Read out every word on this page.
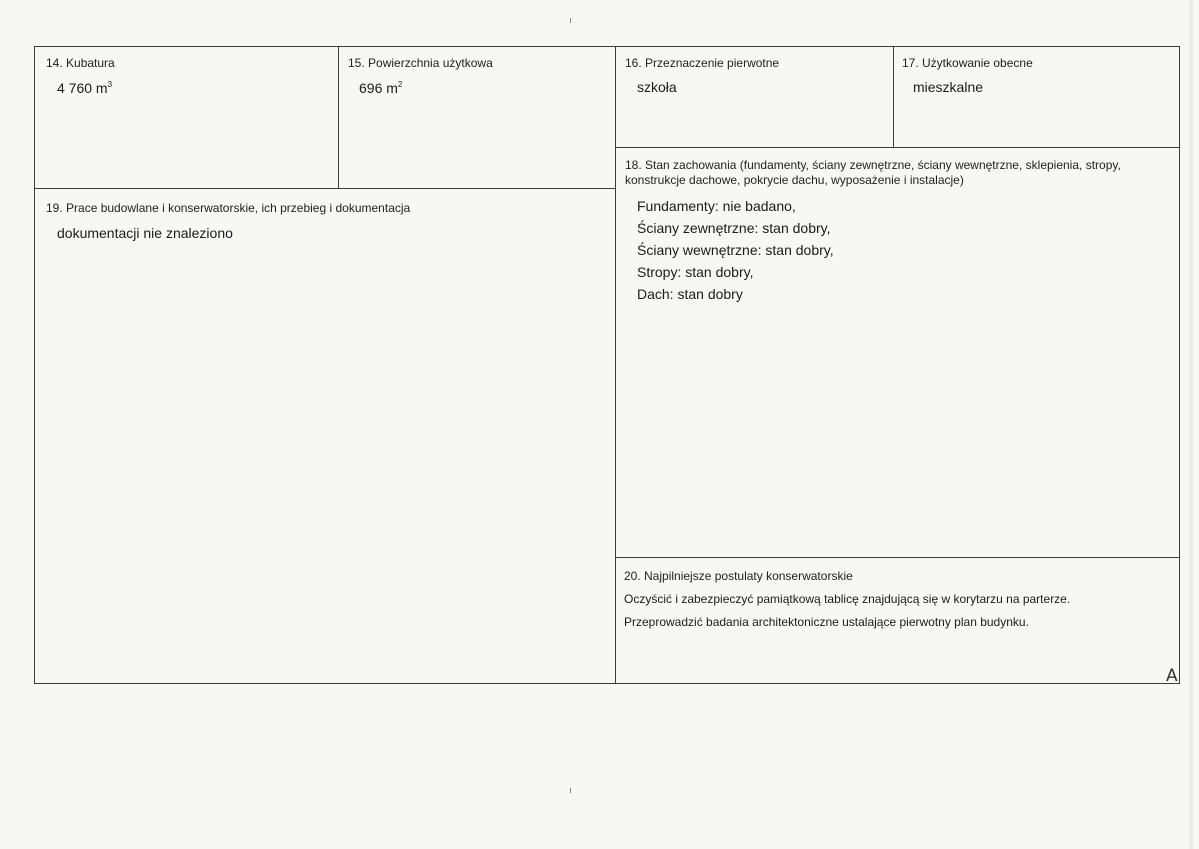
14. Kubatura
4 760 $m^3$
15. Powierzchnia użytkowa
696 $m^2$
16. Przeznaczenie pierwotne
szkoła
17. Użytkowanie obecne
mieszkalne
18. Stan zachowania (fundamenty, ściany zewnętrzne, ściany wewnętrzne, sklepienia, stropy, konstrukcje dachowe, pokrycie dachu, wyposażenie i instalacje)
Fundamenty: nie badano,
Ściany zewnętrzne: stan dobry,
Ściany wewnętrzne: stan dobry,
Stropy: stan dobry,
Dach: stan dobry
19. Prace budowlane i konserwatorskie, ich przebieg i dokumentacja
dokumentacji nie znaleziono
20. Najpilniejsze postulaty konserwatorskie
Oczyścić i zabezpieczyć pamiątkową tablicę znajdującą się w korytarzu na parterze.
Przeprowadzić badania architektoniczne ustalające pierwotny plan budynku.
A
